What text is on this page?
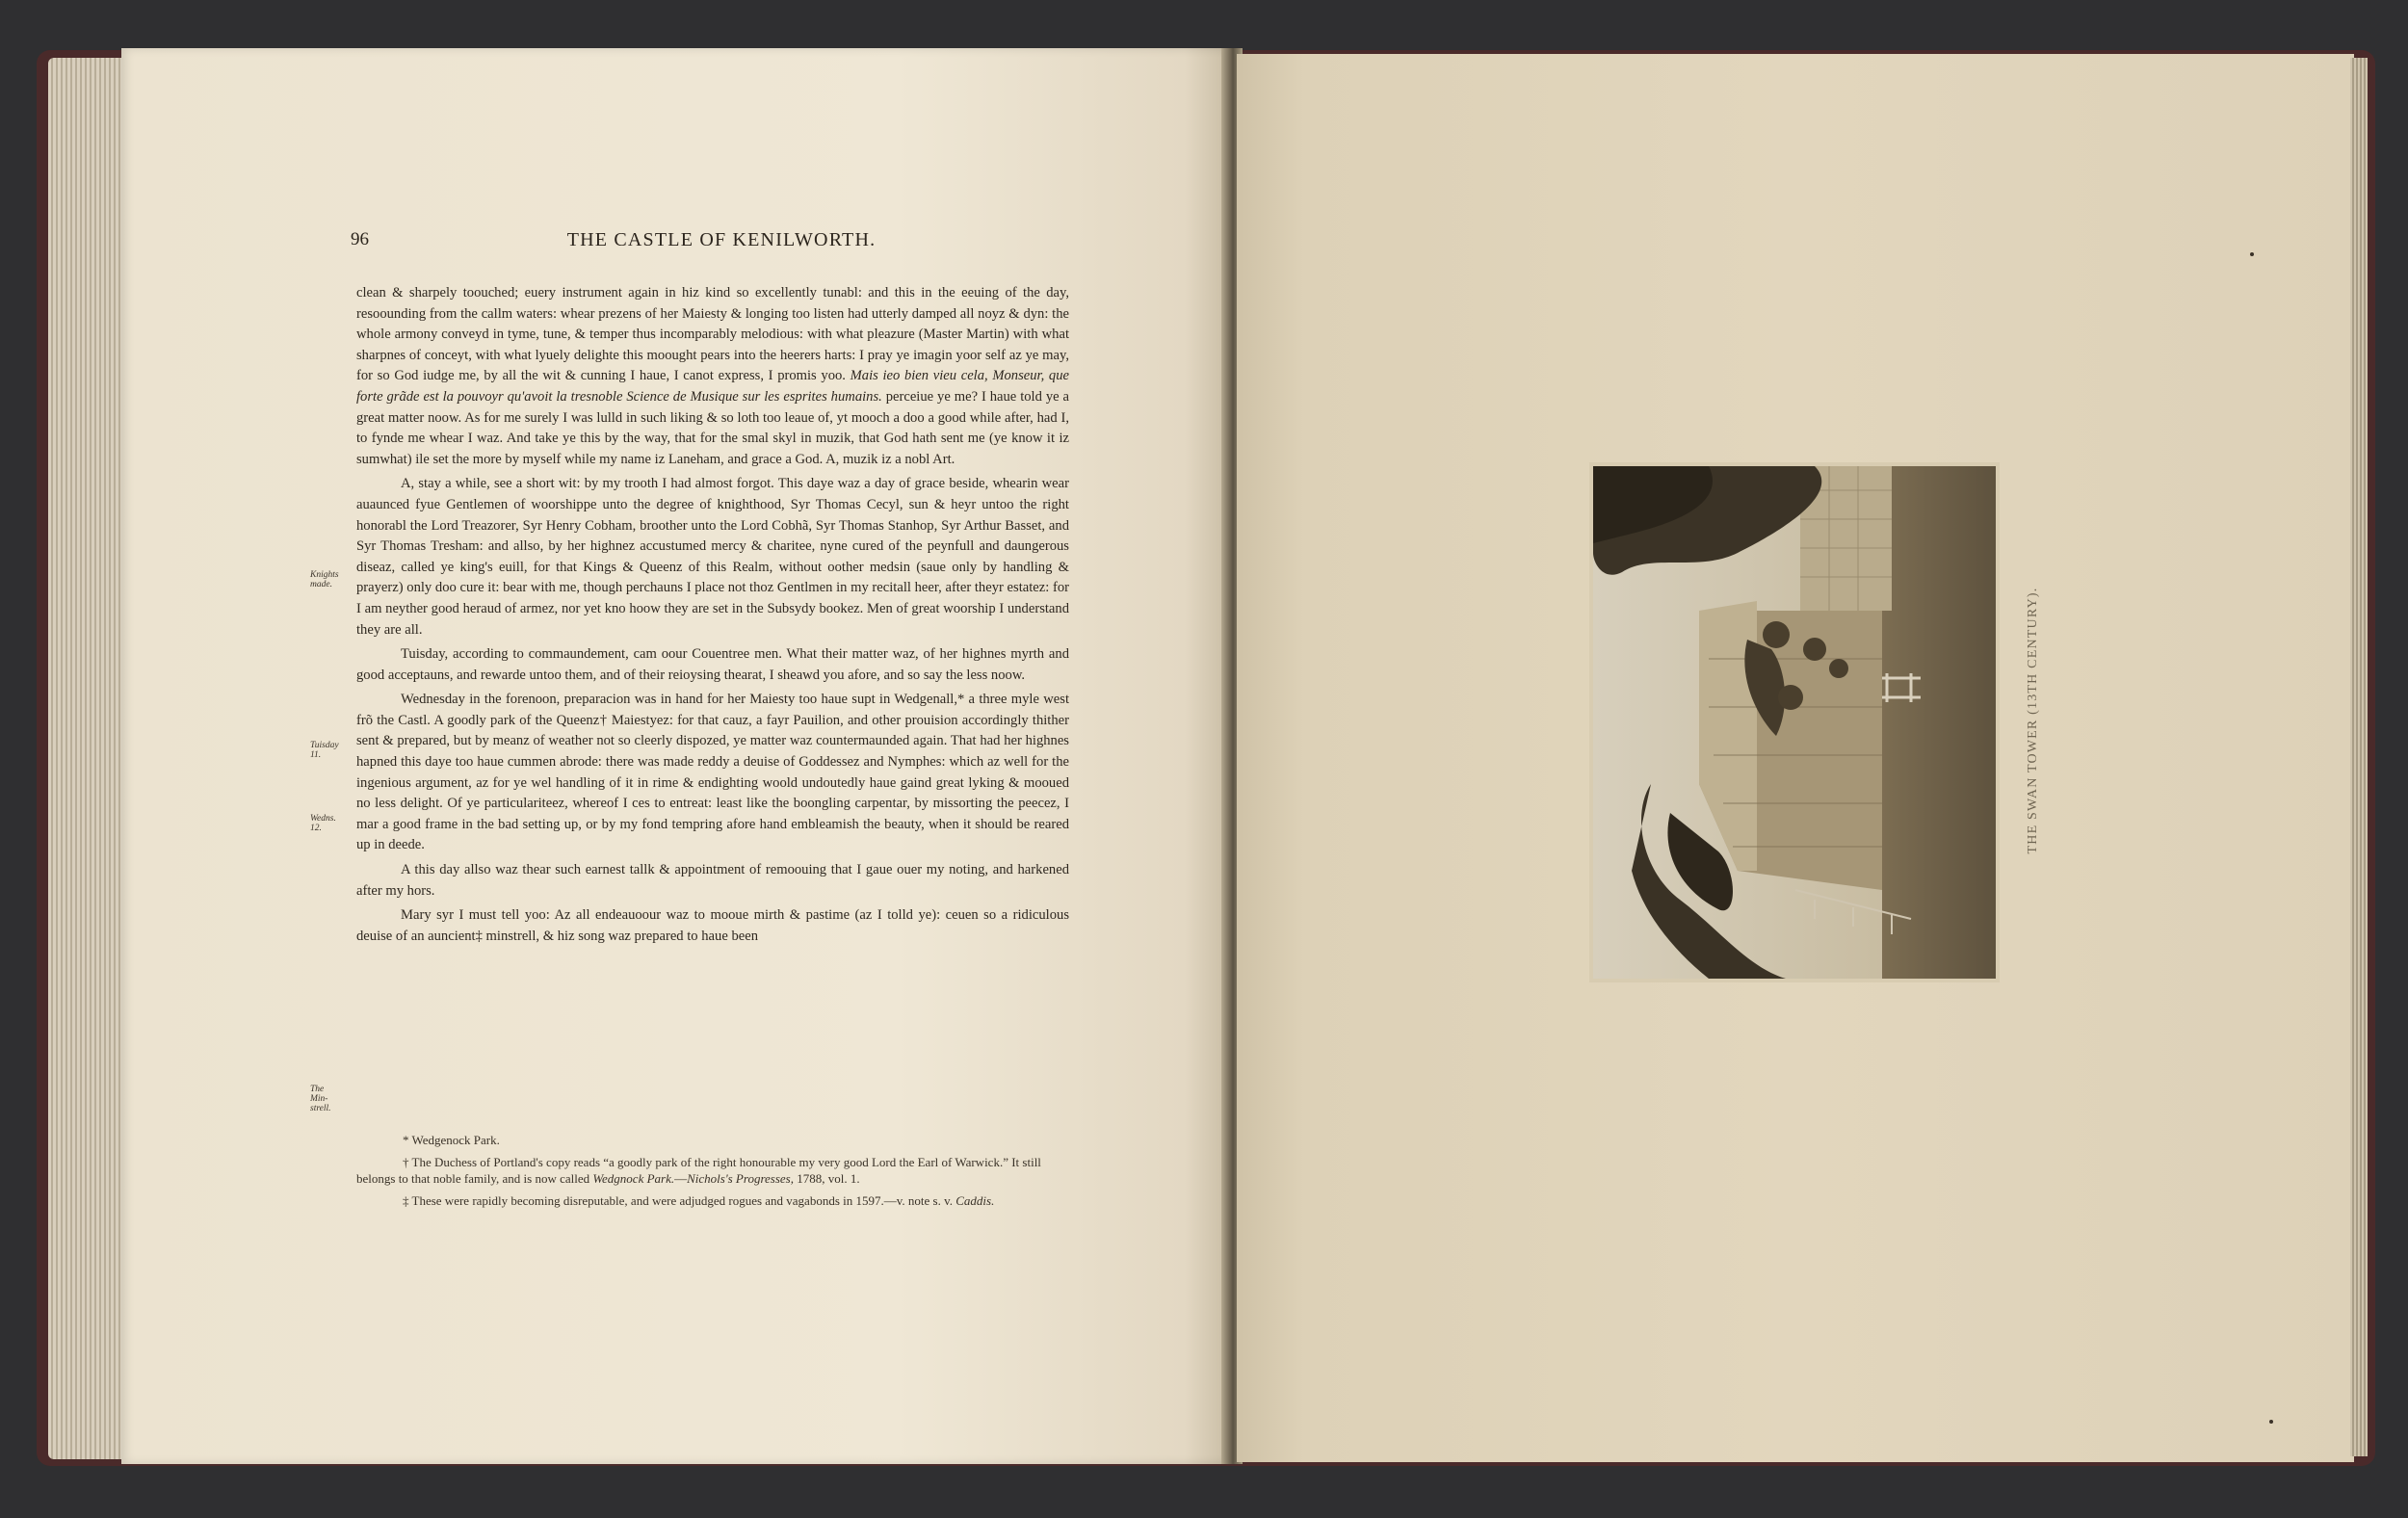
96	THE CASTLE OF KENILWORTH.

clean & sharpely toouched; euery instrument again in hiz kind so excellently tunabl: and this in the eeuing of the day, resoounding from the callm waters: whear prezens of her Maiesty & longing too listen had utterly damped all noyz & dyn: the whole armony conveyd in tyme, tune, & temper thus incomparably melodious: with what pleazure (Master Martin) with what sharpnes of conceyt, with what lyuely delighte this moought pears into the heerers harts: I pray ye imagin yoor self az ye may, for so God iudge me, by all the wit & cunning I haue, I canot express, I promis yoo. Mais ieo bien vieu cela, Monseur, que forte grãde est la pouvoyr qu'avoit la tresnoble Science de Musique sur les esprites humains. perceiue ye me? I haue told ye a great matter noow. As for me surely I was lulld in such liking & so loth too leaue of, yt mooch a doo a good while after, had I, to fynde me whear I waz. And take ye this by the way, that for the smal skyl in muzik, that God hath sent me (ye know it iz sumwhat) ile set the more by myself while my name iz Laneham, and grace a God. A, muzik iz a nobl Art.

A, stay a while, see a short wit: by my trooth I had almost forgot. This daye waz a day of grace beside, whearin wear auaunced fyue Gentlemen of woorshippe unto the degree of knighthood, Syr Thomas Cecyl, sun & heyr untoo the right honorabl the Lord Treazorer, Syr Henry Cobham, broother unto the Lord Cobhã, Syr Thomas Stanhop, Syr Arthur Basset, and Syr Thomas Tresham: and allso, by her highnez accustumed mercy & charitee, nyne cured of the peynfull and daungerous diseaz, called ye king's euill, for that Kings & Queenz of this Realm, without oother medsin (saue only by handling & prayerz) only doo cure it: bear with me, though perchauns I place not thoz Gentlmen in my recitall heer, after theyr estatez: for I am neyther good heraud of armez, nor yet kno hoow they are set in the Subsydy bookez. Men of great woorship I understand they are all.

Tuisday, according to commaundement, cam oour Couentree men. What their matter waz, of her highnes myrth and good acceptauns, and rewarde untoo them, and of their reioysing thearat, I sheawd you afore, and so say the less noow.

Wednesday in the forenoon, preparacion was in hand for her Maiesty too haue supt in Wedgenall,* a three myle west frõ the Castl. A goodly park of the Queenz† Maiestyez: for that cauz, a fayr Pauilion, and other prouision accordingly thither sent & prepared, but by meanz of weather not so cleerly dispozed, ye matter waz countermaunded again. That had her highnes hapned this daye too haue cummen abrode: there was made reddy a deuise of Goddessez and Nymphes: which az well for the ingenious argument, az for ye wel handling of it in rime & endighting woold undoutedly haue gaind great lyking & mooued no less delight. Of ye particulariteez, whereof I ces to entreat: least like the boongling carpentar, by missorting the peecez, I mar a good frame in the bad setting up, or by my fond tempring afore hand embleamish the beauty, when it should be reared up in deede.

A this day allso waz thear such earnest tallk & appointment of remoouing that I gaue ouer my noting, and harkened after my hors.

Mary syr I must tell yoo: Az all endeauoour waz to mooue mirth & pastime (az I tolld ye): ceuen so a ridiculous deuise of an auncient‡ minstrell, & hiz song waz prepared to haue been

Knights
made.
Tuisday
11.
Wedns.
12.
The
Min-
strell.

* Wedgenock Park.

† The Duchess of Portland's copy reads “a goodly park of the right honourable my very good Lord the Earl of Warwick.” It still belongs to that noble family, and is now called Wedgnock Park.—Nichols's Progresses, 1788, vol. 1.

‡ These were rapidly becoming disreputable, and were adjudged rogues and vagabonds in 1597.—v. note s. v. Caddis.

THE SWAN TOWER (13TH CENTURY).
